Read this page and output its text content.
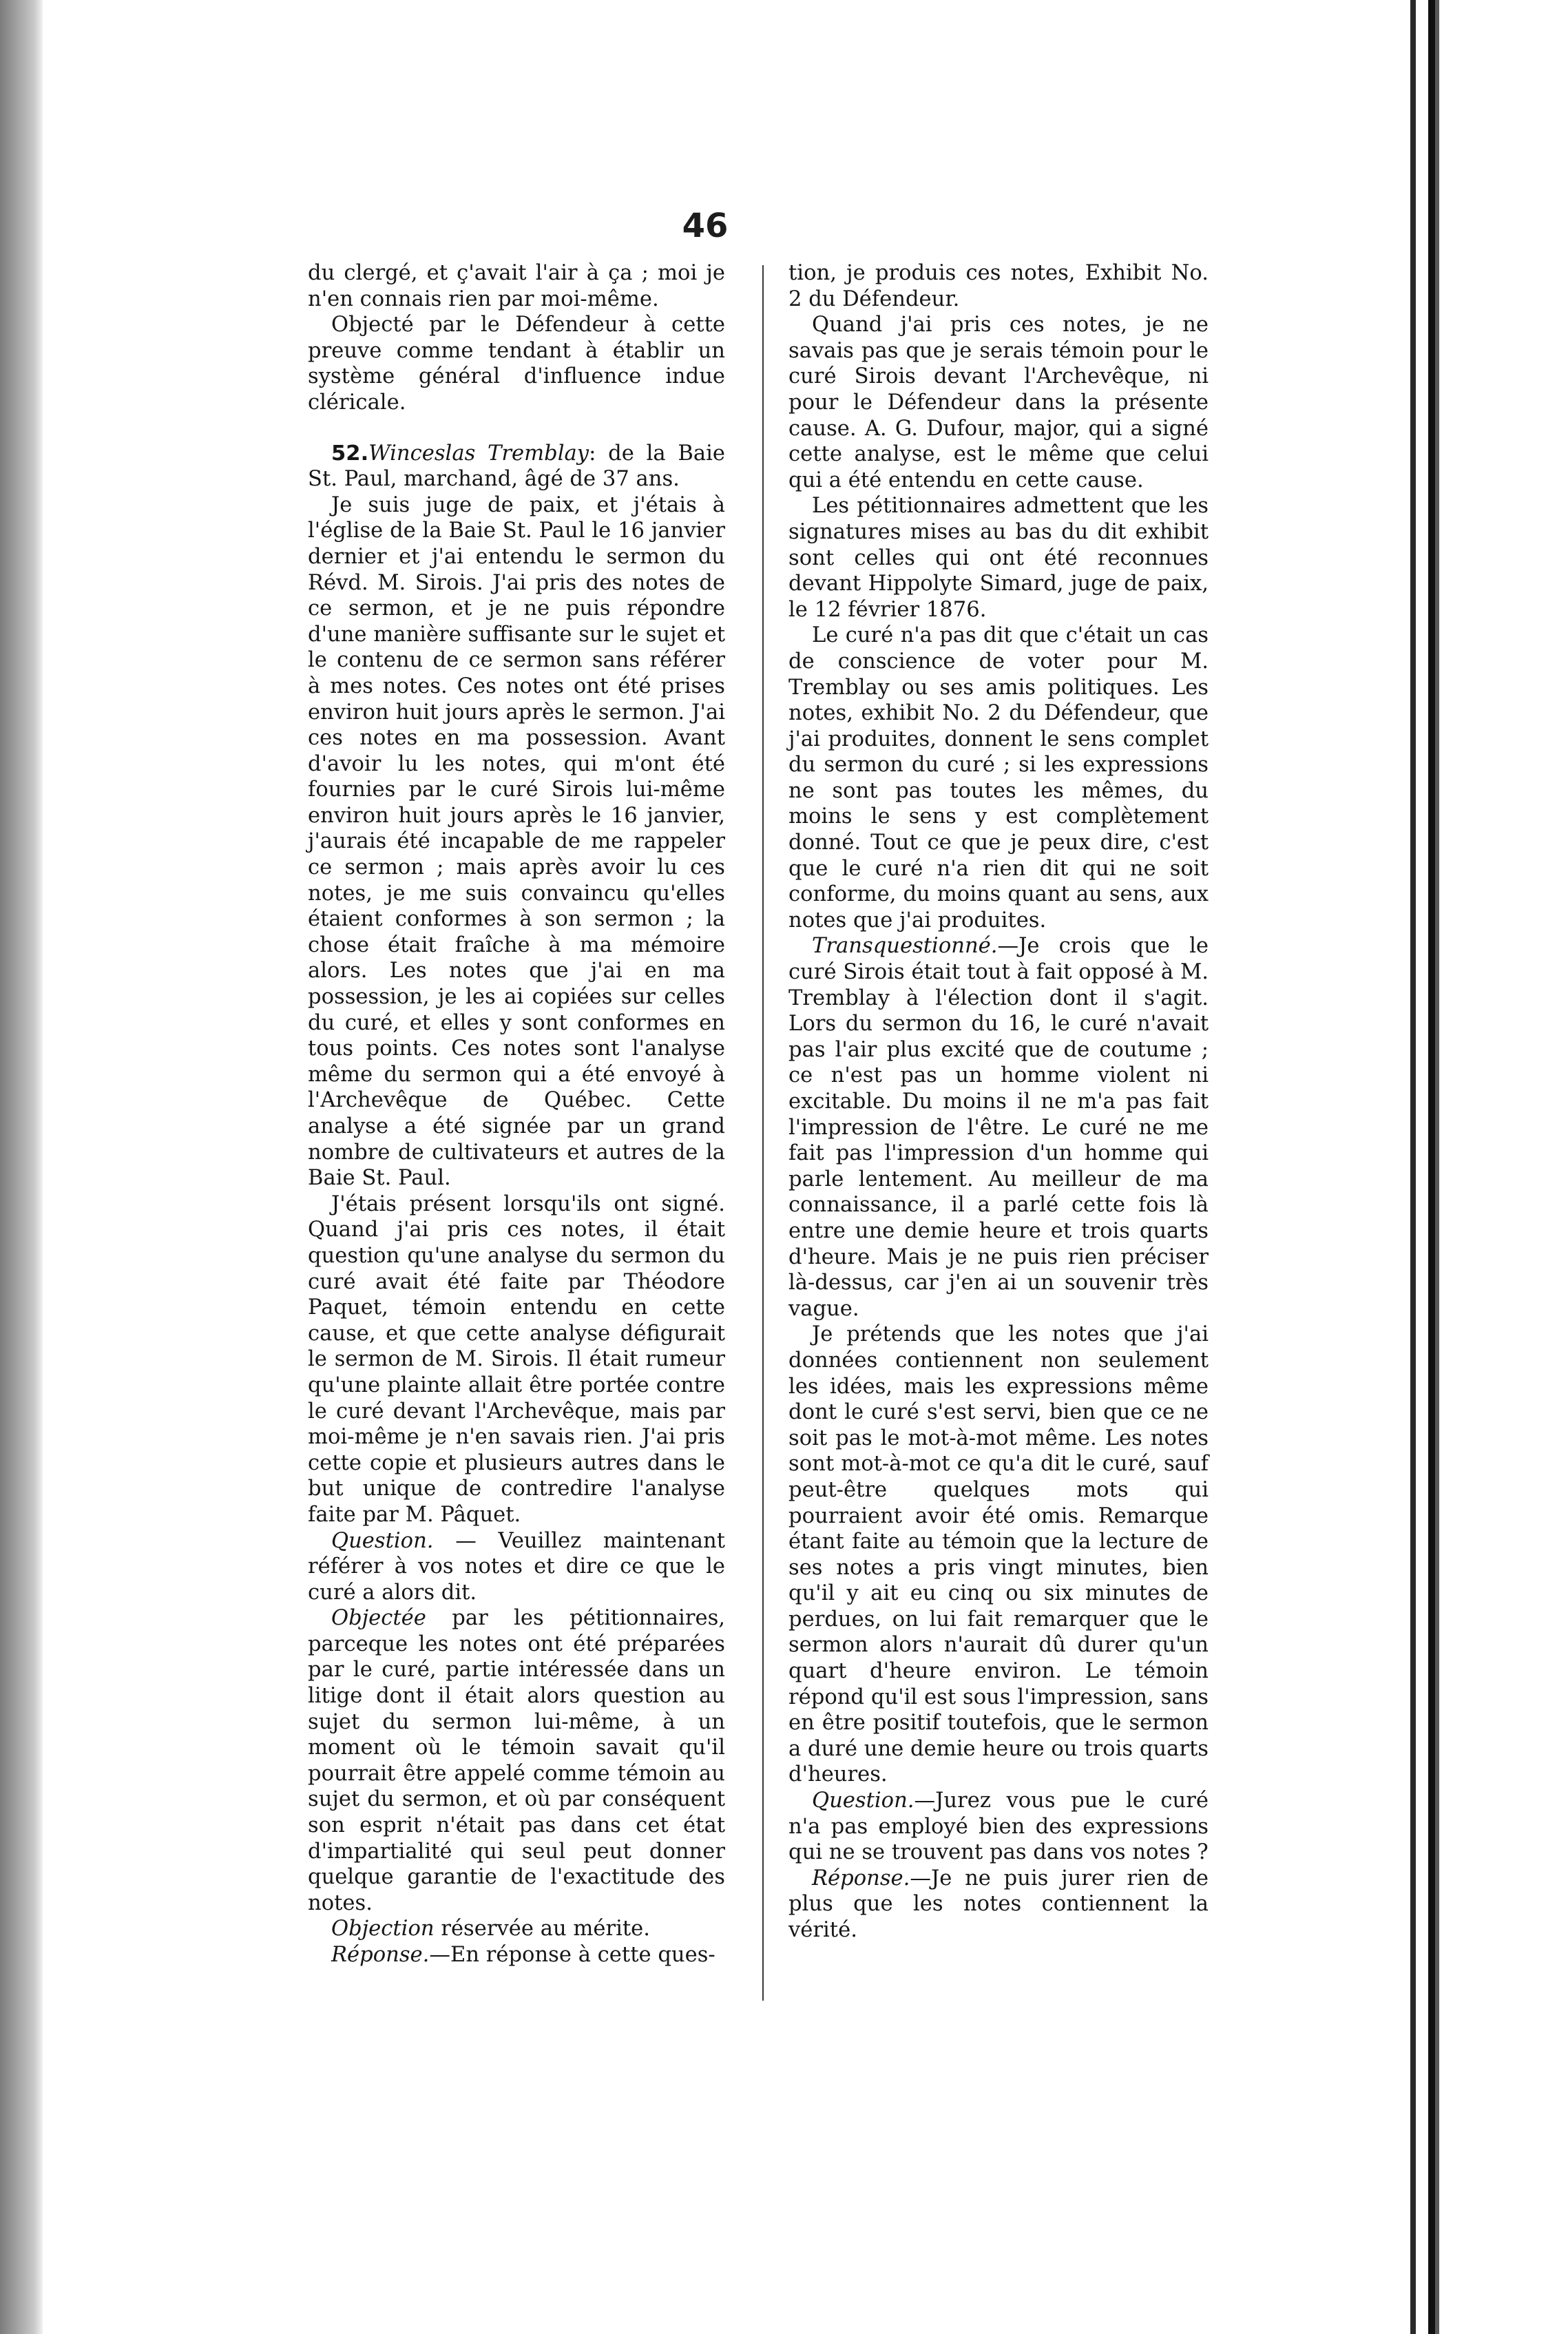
46

du clergé, et ç'avait l'air à ça ; moi je n'en connais rien par moi-même.

Objecté par le Défendeur à cette preuve comme tendant à établir un système général d'influence indue cléricale.

52.Winceslas Tremblay: de la Baie St. Paul, marchand, âgé de 37 ans.

Je suis juge de paix, et j'étais à l'église de la Baie St. Paul le 16 janvier dernier et j'ai entendu le sermon du Révd. M. Sirois. J'ai pris des notes de ce sermon, et je ne puis répondre d'une manière suffisante sur le sujet et le contenu de ce sermon sans référer à mes notes. Ces notes ont été prises environ huit jours après le sermon. J'ai ces notes en ma possession. Avant d'avoir lu les notes, qui m'ont été fournies par le curé Sirois lui-même environ huit jours après le 16 janvier, j'aurais été incapable de me rappeler ce sermon ; mais après avoir lu ces notes, je me suis convaincu qu'elles étaient conformes à son sermon ; la chose était fraîche à ma mémoire alors. Les notes que j'ai en ma possession, je les ai copiées sur celles du curé, et elles y sont conformes en tous points. Ces notes sont l'analyse même du sermon qui a été envoyé à l'Archevêque de Québec. Cette analyse a été signée par un grand nombre de cultivateurs et autres de la Baie St. Paul.

J'étais présent lorsqu'ils ont signé. Quand j'ai pris ces notes, il était question qu'une analyse du sermon du curé avait été faite par Théodore Paquet, témoin entendu en cette cause, et que cette analyse défigurait le sermon de M. Sirois. Il était rumeur qu'une plainte allait être portée contre le curé devant l'Archevêque, mais par moi-même je n'en savais rien. J'ai pris cette copie et plusieurs autres dans le but unique de contredire l'analyse faite par M. Pâquet.

Question. — Veuillez maintenant référer à vos notes et dire ce que le curé a alors dit.

Objectée par les pétitionnaires, parceque les notes ont été préparées par le curé, partie intéressée dans un litige dont il était alors question au sujet du sermon lui-même, à un moment où le témoin savait qu'il pourrait être appelé comme témoin au sujet du sermon, et où par conséquent son esprit n'était pas dans cet état d'impartialité qui seul peut donner quelque garantie de l'exactitude des notes.

Objection réservée au mérite.

Réponse.—En réponse à cette ques-

tion, je produis ces notes, Exhibit No. 2 du Défendeur.

Quand j'ai pris ces notes, je ne savais pas que je serais témoin pour le curé Sirois devant l'Archevêque, ni pour le Défendeur dans la présente cause. A. G. Dufour, major, qui a signé cette analyse, est le même que celui qui a été entendu en cette cause.

Les pétitionnaires admettent que les signatures mises au bas du dit exhibit sont celles qui ont été reconnues devant Hippolyte Simard, juge de paix, le 12 février 1876.

Le curé n'a pas dit que c'était un cas de conscience de voter pour M. Tremblay ou ses amis politiques. Les notes, exhibit No. 2 du Défendeur, que j'ai produites, donnent le sens complet du sermon du curé ; si les expressions ne sont pas toutes les mêmes, du moins le sens y est complètement donné. Tout ce que je peux dire, c'est que le curé n'a rien dit qui ne soit conforme, du moins quant au sens, aux notes que j'ai produites.

Transquestionné.—Je crois que le curé Sirois était tout à fait opposé à M. Tremblay à l'élection dont il s'agit. Lors du sermon du 16, le curé n'avait pas l'air plus excité que de coutume ; ce n'est pas un homme violent ni excitable. Du moins il ne m'a pas fait l'impression de l'être. Le curé ne me fait pas l'impression d'un homme qui parle lentement. Au meilleur de ma connaissance, il a parlé cette fois là entre une demie heure et trois quarts d'heure. Mais je ne puis rien préciser là-dessus, car j'en ai un souvenir très vague.

Je prétends que les notes que j'ai données contiennent non seulement les idées, mais les expressions même dont le curé s'est servi, bien que ce ne soit pas le mot-à-mot même. Les notes sont mot-à-mot ce qu'a dit le curé, sauf peut-être quelques mots qui pourraient avoir été omis. Remarque étant faite au témoin que la lecture de ses notes a pris vingt minutes, bien qu'il y ait eu cinq ou six minutes de perdues, on lui fait remarquer que le sermon alors n'aurait dû durer qu'un quart d'heure environ. Le témoin répond qu'il est sous l'impression, sans en être positif toutefois, que le sermon a duré une demie heure ou trois quarts d'heures.

Question.—Jurez vous pue le curé n'a pas employé bien des expressions qui ne se trouvent pas dans vos notes ?

Réponse.—Je ne puis jurer rien de plus que les notes contiennent la vérité.
